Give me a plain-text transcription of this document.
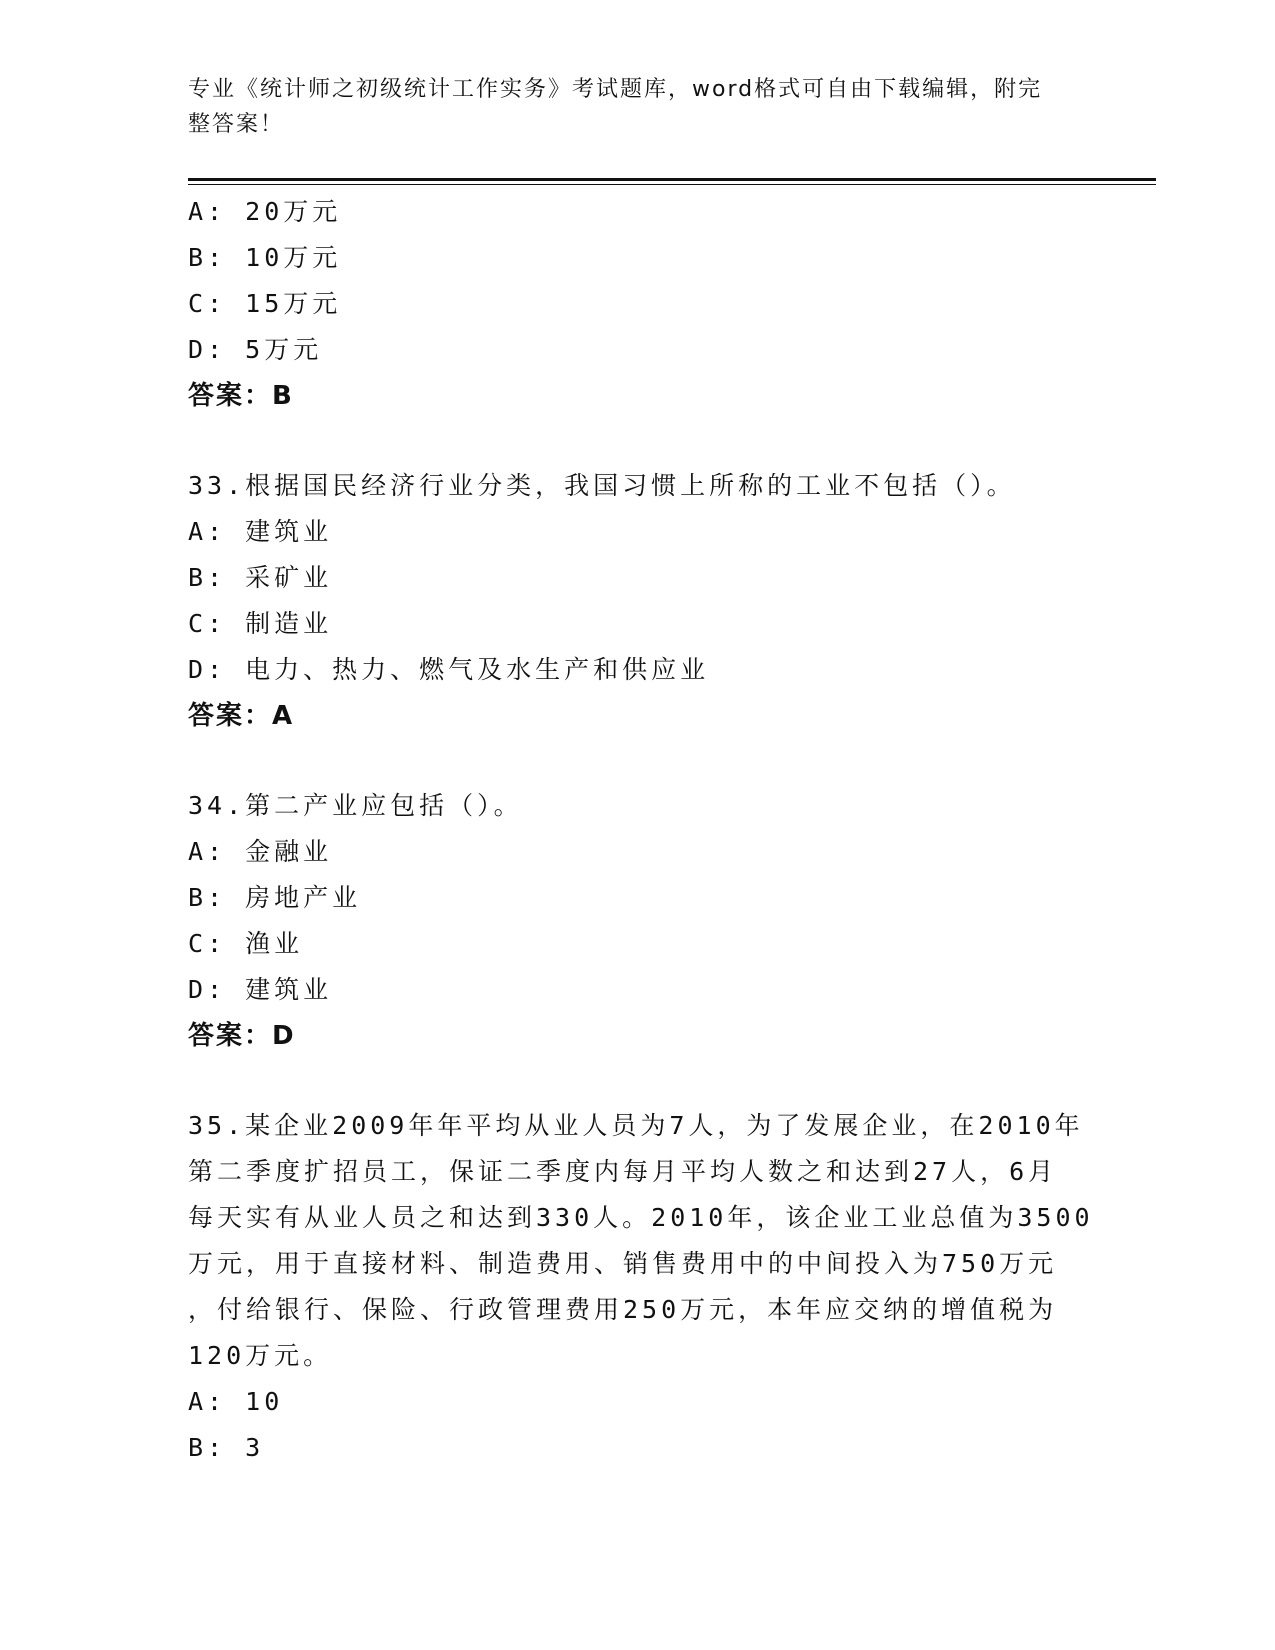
专业《统计师之初级统计工作实务》考试题库，word格式可自由下载编辑，附完
整答案！
A: 20万元
B: 10万元
C: 15万元
D: 5万元
答案：B
33.根据国民经济行业分类，我国习惯上所称的工业不包括（）。
A: 建筑业
B: 采矿业
C: 制造业
D: 电力、热力、燃气及水生产和供应业
答案：A
34.第二产业应包括（）。
A: 金融业
B: 房地产业
C: 渔业
D: 建筑业
答案：D
35.某企业2009年年平均从业人员为7人，为了发展企业，在2010年
第二季度扩招员工，保证二季度内每月平均人数之和达到27人，6月
每天实有从业人员之和达到330人。2010年，该企业工业总值为3500
万元，用于直接材料、制造费用、销售费用中的中间投入为750万元
，付给银行、保险、行政管理费用250万元，本年应交纳的增值税为
120万元。
A: 10
B: 3
